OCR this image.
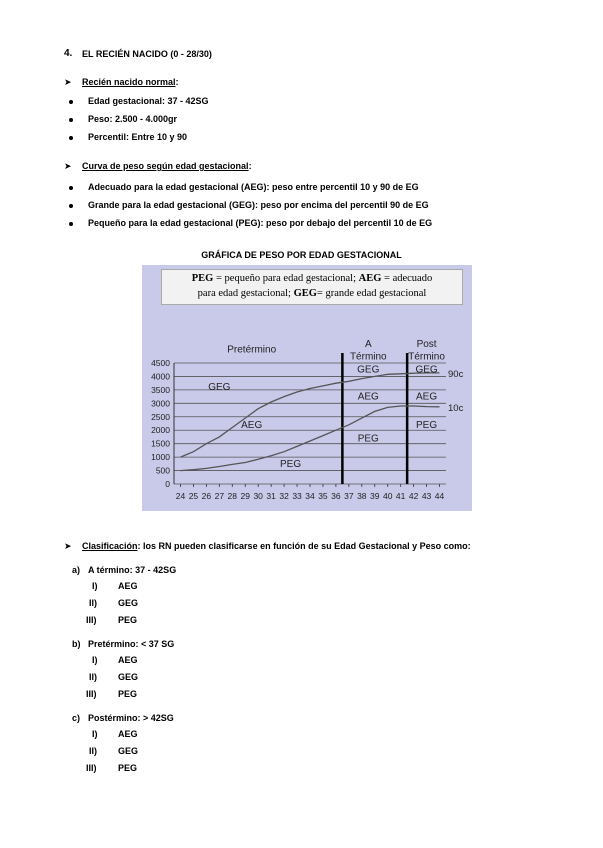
4. EL RECIÉN NACIDO (0 - 28/30)
➤ Recién nacido normal:
Edad gestacional: 37 - 42SG
Peso: 2.500 - 4.000gr
Percentil: Entre 10 y 90
➤ Curva de peso según edad gestacional:
Adecuado para la edad gestacional (AEG): peso entre percentil 10 y 90 de EG
Grande para la edad gestacional (GEG): peso por encima del percentil 90 de EG
Pequeño para la edad gestacional (PEG): peso por debajo del percentil 10 de EG
GRÁFICA DE PESO POR EDAD GESTACIONAL
PEG = pequeño para edad gestacional; AEG = adecuado
para edad gestacional; GEG= grande edad gestacional
0
500
1000
1500
2000
2500
3000
3500
4000
4500
24 25 26 27 28 29 30 31 32 33 34 35 36 37 38 39 40 41 42 43 44
90c
10c
Pretérmino	A
Término
Post
Término
GEG
AEG
PEG
GEG
AEG
PEG
GEG
AEG
PEG
➤ Clasificación: los RN pueden clasificarse en función de su Edad Gestacional y Peso como:
a) A término: 37 - 42SG
I) AEG
II) GEG
III) PEG
b) Pretérmino: < 37 SG
I) AEG
II) GEG
III) PEG
c) Postérmino: > 42SG
I) AEG
II) GEG
III) PEG
